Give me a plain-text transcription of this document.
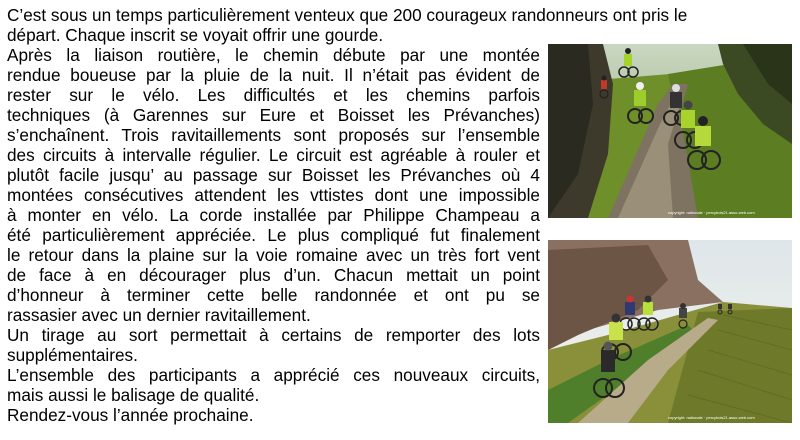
C’est sous un temps particulièrement venteux que 200 courageux randonneurs ont pris le

départ. Chaque inscrit se voyait offrir une gourde.

Après la liaison routière, le chemin débute par une montée

rendue boueuse par la pluie de la nuit. Il n’était pas évident de

rester sur le vélo. Les difficultés et les chemins parfois

techniques (à Garennes sur Eure et Boisset les Prévanches)

s’enchaînent. Trois ravitaillements sont proposés sur l’ensemble

des circuits à intervalle régulier. Le circuit est agréable à rouler et

plutôt facile jusqu’ au passage sur Boisset les Prévanches où 4

montées consécutives attendent les vttistes dont une impossible

à monter en vélo. La corde installée par Philippe Champeau a

été particulièrement appréciée. Le plus compliqué fut finalement

le retour dans la plaine sur la voie romaine avec un très fort vent

de face à en décourager plus d’un. Chacun mettait un point

d’honneur à terminer cette belle randonnée et ont pu se

rassasier avec un dernier ravitaillement.

Un tirage au sort permettait à certains de remporter des lots

supplémentaires.

L’ensemble des participants a apprécié ces nouveaux circuits,

mais aussi le balisage de qualité.

Rendez-vous l’année prochaine.

copyright: nationale · percybois21.asso-web.com
copyright: nationale · percybois21.asso-web.com
